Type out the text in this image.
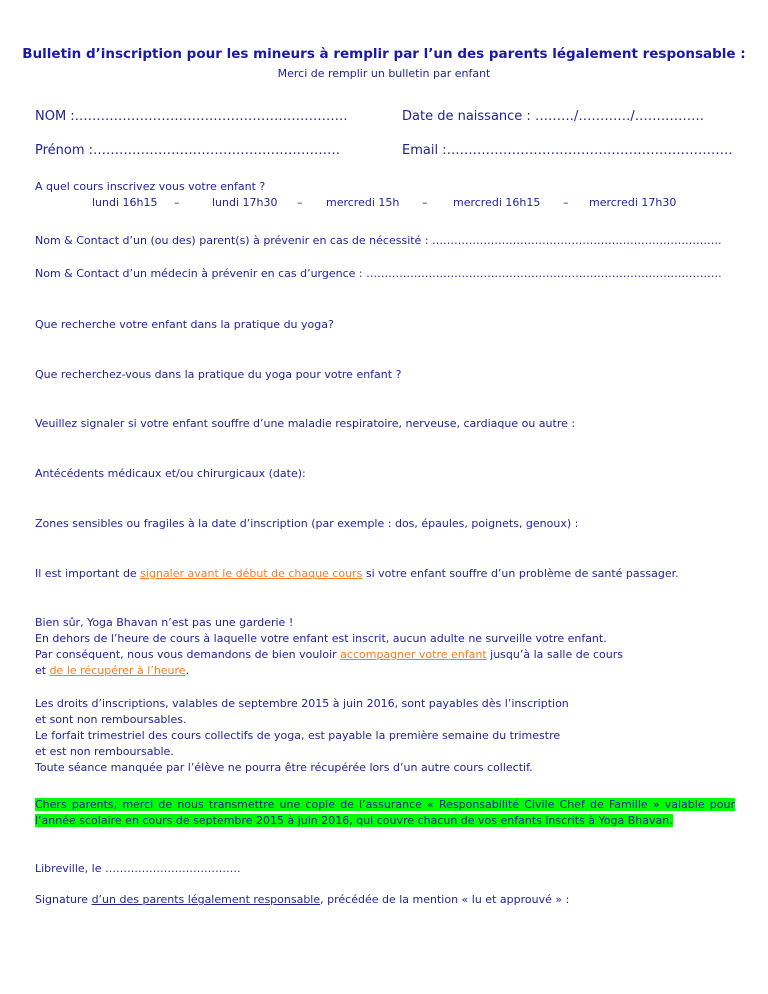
Bulletin d’inscription pour les mineurs à remplir par l’un des parents légalement responsable :
Merci de remplir un bulletin par enfant
NOM :………………………………………………………	Date de naissance : ………/…………/…………….
Prénom :…………………………………………………	Email :…………………………………………………………
A quel cours inscrivez vous votre enfant ?
lundi 16h15 –	lundi 17h30 – mercredi 15h – mercredi 16h15 – mercredi 17h30
Nom & Contact d’un (ou des) parent(s) à prévenir en cas de nécessité : …………………………………………………………………….
Nom & Contact d’un médecin à prévenir en cas d’urgence : …………………………………………………………………………………….
Que recherche votre enfant dans la pratique du yoga?
Que recherchez-vous dans la pratique du yoga pour votre enfant ?
Veuillez signaler si votre enfant souffre d’une maladie respiratoire, nerveuse, cardiaque ou autre :
Antécédents médicaux et/ou chirurgicaux (date):
Zones sensibles ou fragiles à la date d’inscription (par exemple : dos, épaules, poignets, genoux) :
Il est important de signaler avant le début de chaque cours si votre enfant souffre d’un problème de santé passager.
Bien sûr, Yoga Bhavan n’est pas une garderie !
En dehors de l’heure de cours à laquelle votre enfant est inscrit, aucun adulte ne surveille votre enfant.
Par conséquent, nous vous demandons de bien vouloir accompagner votre enfant jusqu’à la salle de cours
et de le récupérer à l’heure.
Les droits d’inscriptions, valables de septembre 2015 à juin 2016, sont payables dès l’inscription
et sont non remboursables.
Le forfait trimestriel des cours collectifs de yoga, est payable la première semaine du trimestre
et est non remboursable.
Toute séance manquée par l’élève ne pourra être récupérée lors d’un autre cours collectif.
Chers parents, merci de nous transmettre une copie de l’assurance « Responsabilité Civile Chef de Famille » valable pour l’année scolaire en cours de septembre 2015 à juin 2016, qui couvre chacun de vos enfants inscrits à Yoga Bhavan.
Libreville, le ……………………………….
Signature d’un des parents légalement responsable, précédée de la mention « lu et approuvé » :
